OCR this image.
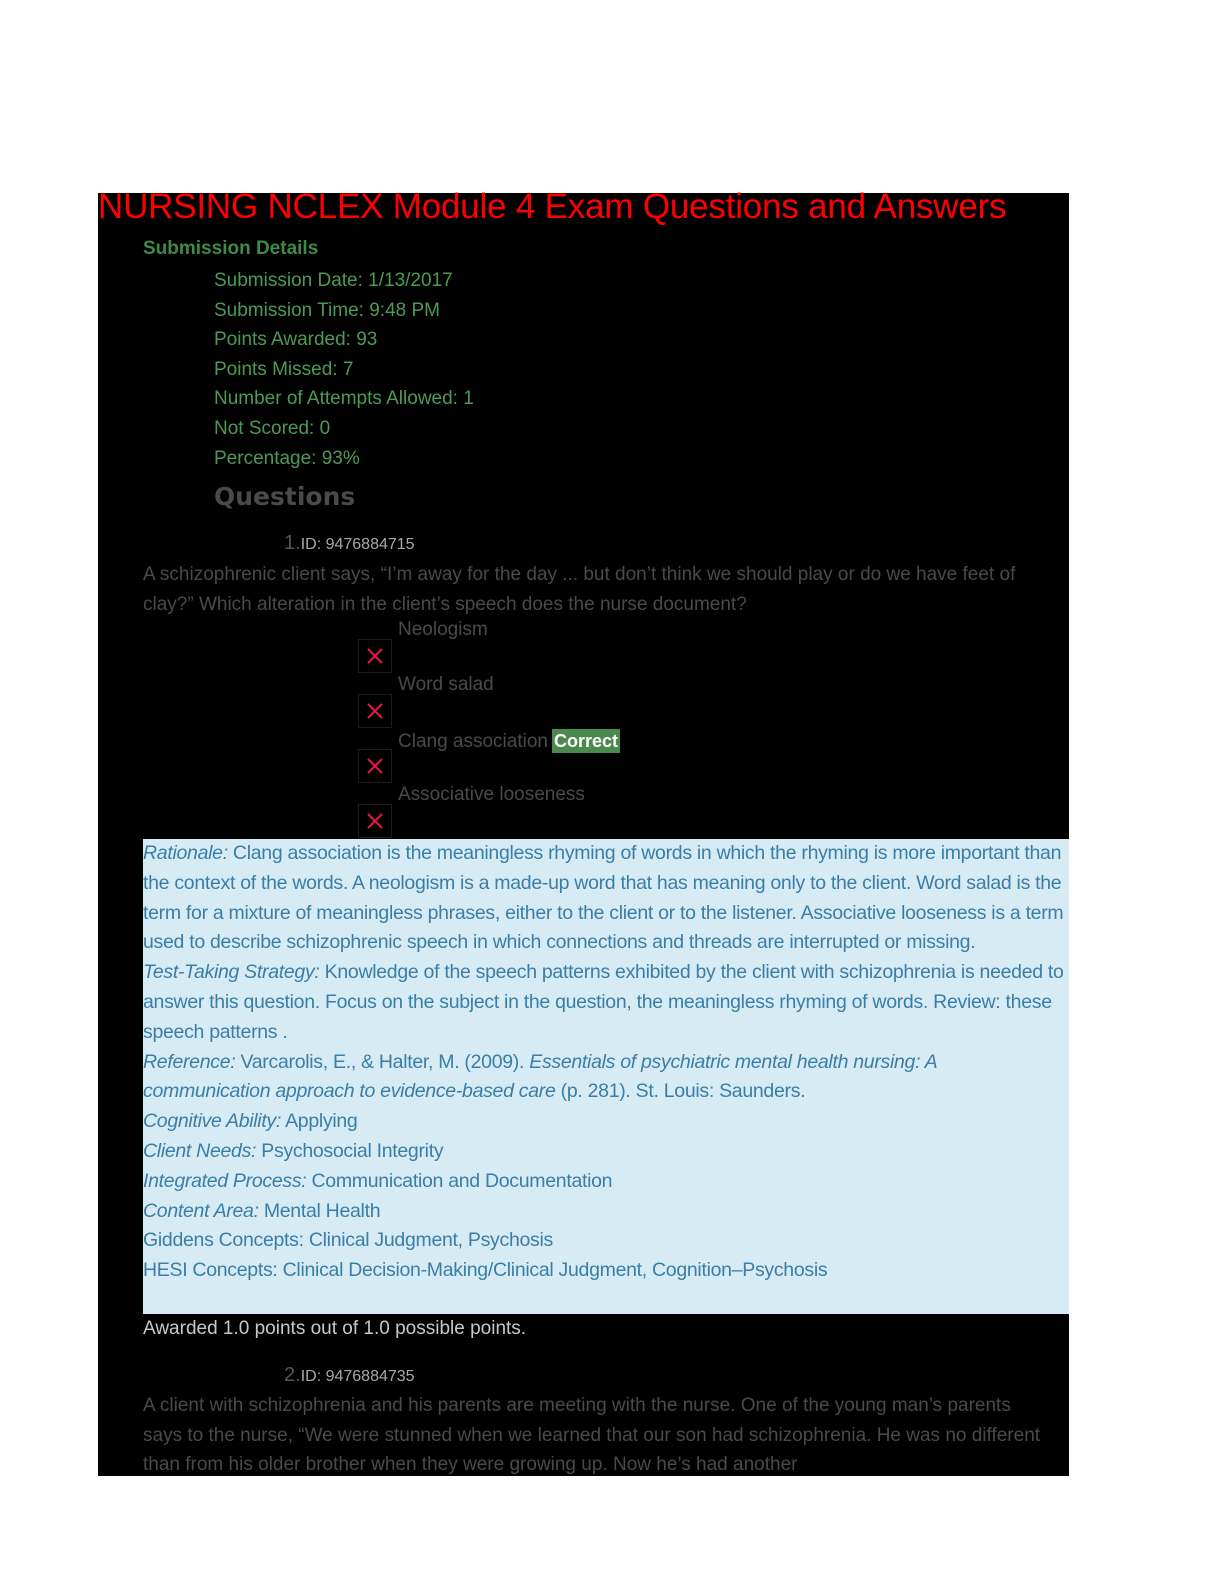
NURSING NCLEX Module 4 Exam Questions and Answers
Submission Details
Submission Date: 1/13/2017
Submission Time: 9:48 PM
Points Awarded: 93
Points Missed: 7
Number of Attempts Allowed: 1
Not Scored: 0
Percentage: 93%
Questions
1.ID: 9476884715
A schizophrenic client says, “I’m away for the day ... but don’t think we should play or do we have feet of clay?” Which alteration in the client’s speech does the nurse document?
Neologism
Word salad
Clang association Correct
Associative looseness
Rationale: Clang association is the meaningless rhyming of words in which the rhyming is more important than the context of the words. A neologism is a made-up word that has meaning only to the client. Word salad is the term for a mixture of meaningless phrases, either to the client or to the listener. Associative looseness is a term used to describe schizophrenic speech in which connections and threads are interrupted or missing.
Test-Taking Strategy: Knowledge of the speech patterns exhibited by the client with schizophrenia is needed to answer this question. Focus on the subject in the question, the meaningless rhyming of words. Review: these speech patterns .
Reference: Varcarolis, E., & Halter, M. (2009). Essentials of psychiatric mental health nursing: A communication approach to evidence-based care (p. 281). St. Louis: Saunders.
Cognitive Ability: Applying
Client Needs: Psychosocial Integrity
Integrated Process: Communication and Documentation
Content Area: Mental Health
Giddens Concepts: Clinical Judgment, Psychosis
HESI Concepts: Clinical Decision-Making/Clinical Judgment, Cognition–Psychosis
Awarded 1.0 points out of 1.0 possible points.
2.ID: 9476884735
A client with schizophrenia and his parents are meeting with the nurse. One of the young man’s parents says to the nurse, “We were stunned when we learned that our son had schizophrenia. He was no different than from his older brother when they were growing up. Now he’s had another
